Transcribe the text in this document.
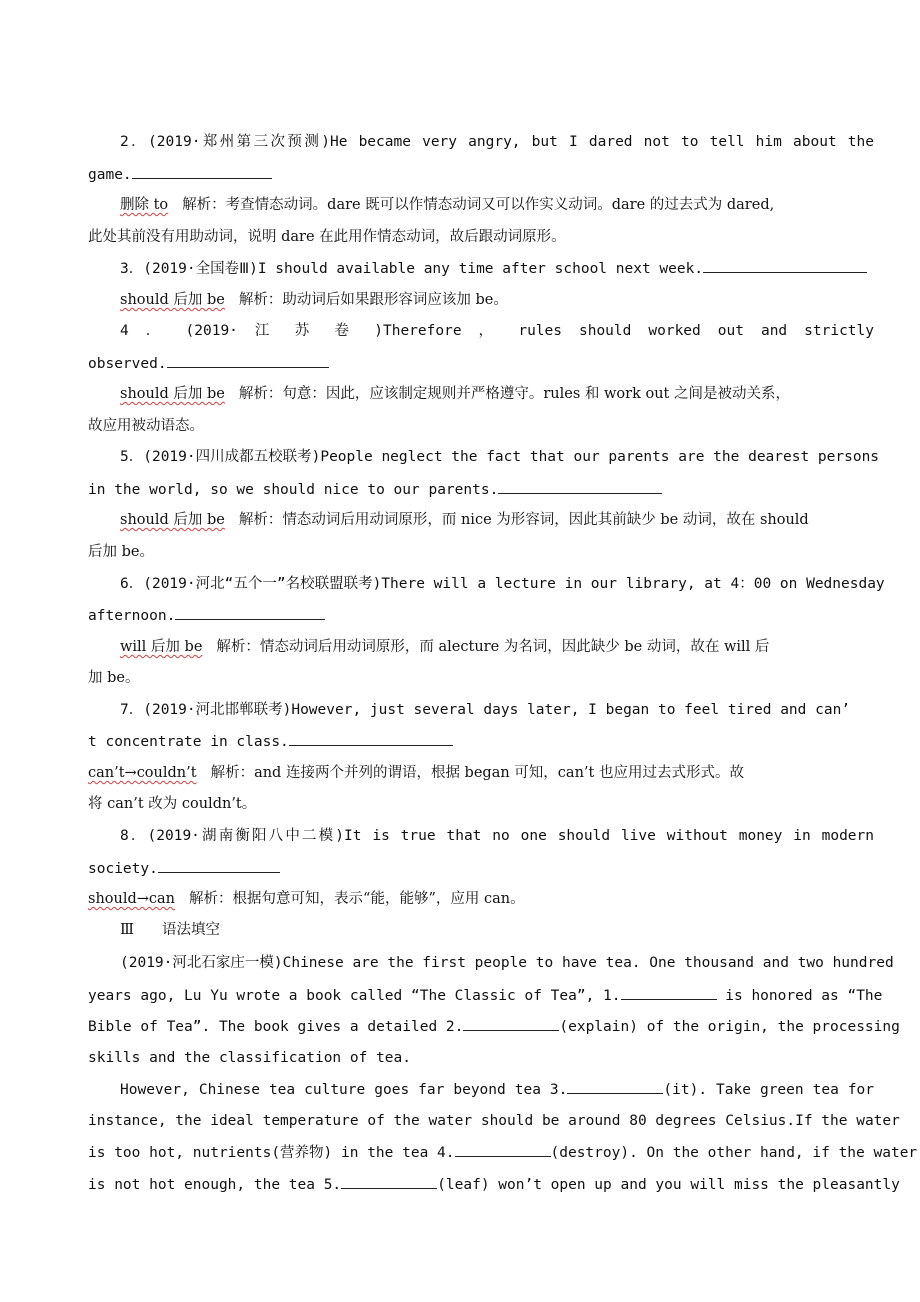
2．(2019·郑州第三次预测)He became very angry, but I dared not to tell him about the
game.
删除 to 解析：考查情态动词。dare 既可以作情态动词又可以作实义动词。dare 的过去式为 dared,
此处其前没有用助动词，说明 dare 在此用作情态动词，故后跟动词原形。
3．(2019·全国卷Ⅲ)I should available any time after school next week.
should 后加 be 解析：助动词后如果跟形容词应该加 be。
4 ． (2019· 江 苏 卷 )Therefore ， rules should worked out and strictly
observed.
should 后加 be 解析：句意：因此，应该制定规则并严格遵守。rules 和 work out 之间是被动关系，
故应用被动语态。
5．(2019·四川成都五校联考)People neglect the fact that our parents are the dearest persons
in the world, so we should nice to our parents.
should 后加 be 解析：情态动词后用动词原形，而 nice 为形容词，因此其前缺少 be 动词，故在 should
后加 be。
6．(2019·河北“五个一”名校联盟联考)There will a lecture in our library, at 4：00 on Wednesday
afternoon.
will 后加 be 解析：情态动词后用动词原形，而 alecture 为名词，因此缺少 be 动词，故在 will 后
加 be。
7．(2019·河北邯郸联考)However, just several days later, I began to feel tired and can’
t concentrate in class.
can’t→couldn’t 解析：and 连接两个并列的谓语，根据 began 可知，can’t 也应用过去式形式。故
将 can’t 改为 couldn’t。
8．(2019·湖南衡阳八中二模)It is true that no one should live without money in modern
society.
should→can 解析：根据句意可知，表示“能，能够”，应用 can。
Ⅲ 语法填空
(2019·河北石家庄一模)Chinese are the first people to have tea. One thousand and two hundred
years ago, Lu Yu wrote a book called “The Classic of Tea”, 1.	is honored as “The
Bible of Tea”. The book gives a detailed 2.	(explain) of the origin, the processing
skills and the classification of tea.
However, Chinese tea culture goes far beyond tea 3.	(it). Take green tea for
instance, the ideal temperature of the water should be around 80 degrees Celsius.If the water
is too hot, nutrients(营养物) in the tea 4.	(destroy). On the other hand, if the water
is not hot enough, the tea 5.	(leaf) won’t open up and you will miss the pleasantly
